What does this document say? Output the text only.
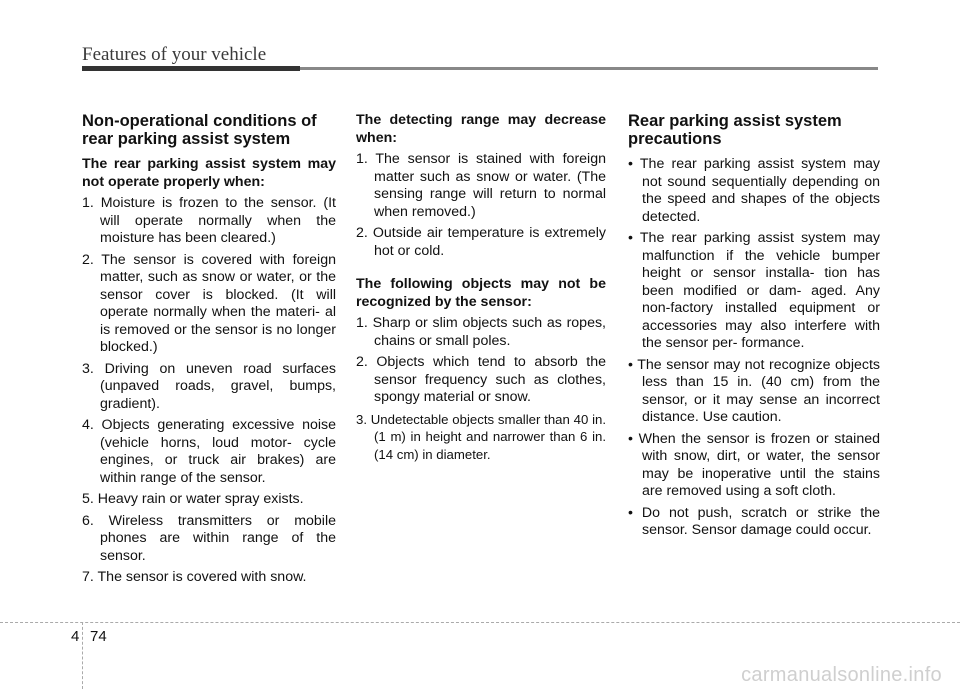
Features of your vehicle
Non-operational conditions of rear parking assist system

The rear parking assist system may not operate properly when:

1. Moisture is frozen to the sensor. (It will operate normally when the moisture has been cleared.)
2. The sensor is covered with foreign matter, such as snow or water, or the sensor cover is blocked. (It will operate normally when the materi- al is removed or the sensor is no longer blocked.)
3. Driving on uneven road surfaces (unpaved roads, gravel, bumps, gradient).
4. Objects generating excessive noise (vehicle horns, loud motor- cycle engines, or truck air brakes) are within range of the sensor.
5. Heavy rain or water spray exists.
6. Wireless transmitters or mobile phones are within range of the sensor.
7. The sensor is covered with snow.

The detecting range may decrease when:

1. The sensor is stained with foreign matter such as snow or water. (The sensing range will return to normal when removed.)
2. Outside air temperature is extremely hot or cold.

The following objects may not be recognized by the sensor:

1. Sharp or slim objects such as ropes, chains or small poles.
2. Objects which tend to absorb the sensor frequency such as clothes, spongy material or snow.
3. Undetectable objects smaller than 40 in. (1 m) in height and narrower than 6 in. (14 cm) in diameter.
Rear parking assist system precautions
• The rear parking assist system may not sound sequentially depending on the speed and shapes of the objects detected.
• The rear parking assist system may malfunction if the vehicle bumper height or sensor installa- tion has been modified or dam- aged. Any non-factory installed equipment or accessories may also interfere with the sensor per- formance.
• The sensor may not recognize objects less than 15 in. (40 cm) from the sensor, or it may sense an incorrect distance. Use caution.
• When the sensor is frozen or stained with snow, dirt, or water, the sensor may be inoperative until the stains are removed using a soft cloth.
• Do not push, scratch or strike the sensor. Sensor damage could occur.
4 74
carmanualsonline.info
